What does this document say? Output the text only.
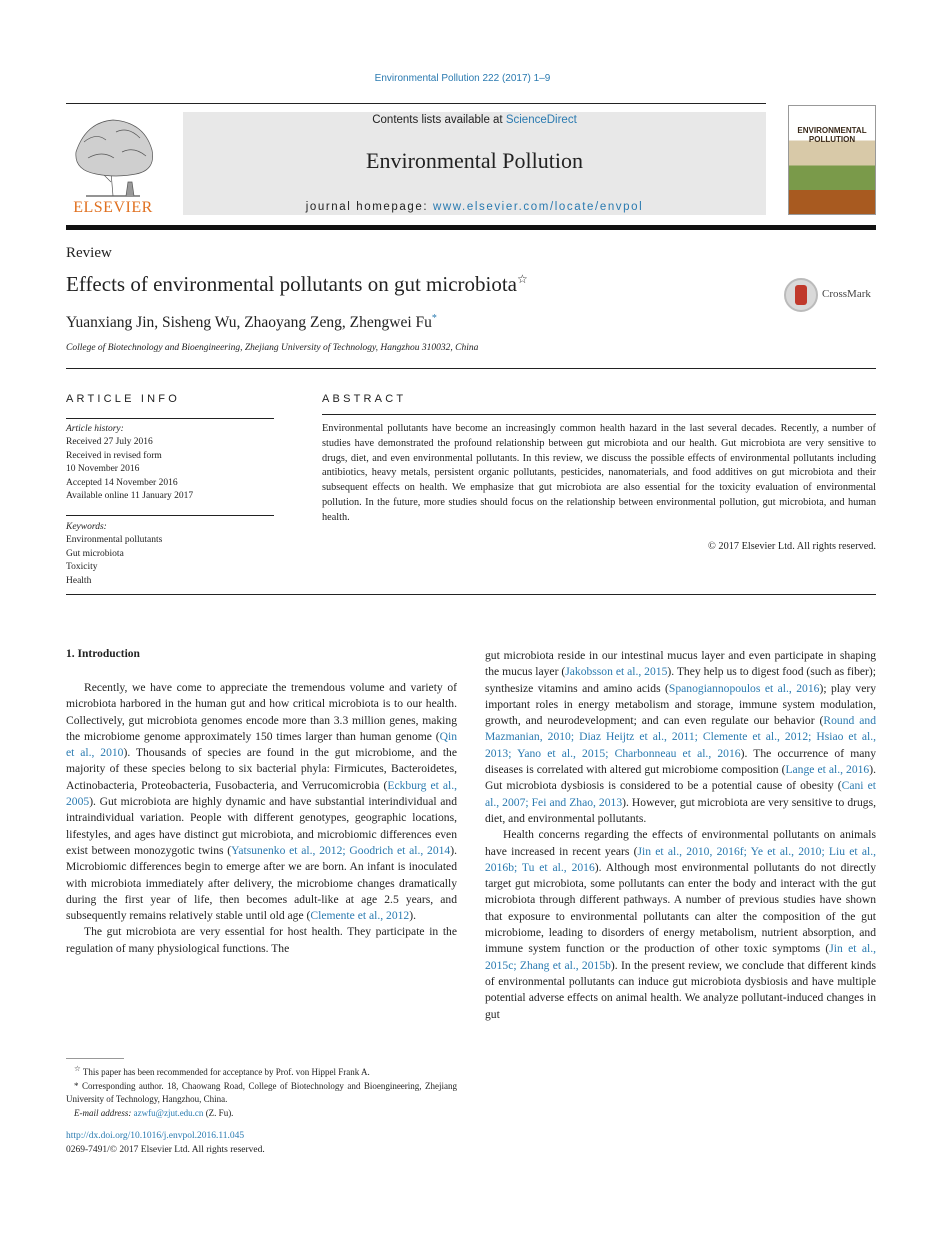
Environmental Pollution 222 (2017) 1–9
ELSEVIER
Contents lists available at ScienceDirect
Environmental Pollution
journal homepage: www.elsevier.com/locate/envpol
ENVIRONMENTAL
POLLUTION
Review
Effects of environmental pollutants on gut microbiota☆
CrossMark
Yuanxiang Jin, Sisheng Wu, Zhaoyang Zeng, Zhengwei Fu*
College of Biotechnology and Bioengineering, Zhejiang University of Technology, Hangzhou 310032, China
ARTICLE INFO
Article history:
Received 27 July 2016
Received in revised form
10 November 2016
Accepted 14 November 2016
Available online 11 January 2017
Keywords:
Environmental pollutants
Gut microbiota
Toxicity
Health
ABSTRACT
Environmental pollutants have become an increasingly common health hazard in the last several decades. Recently, a number of studies have demonstrated the profound relationship between gut microbiota and our health. Gut microbiota are very sensitive to drugs, diet, and even environmental pollutants. In this review, we discuss the possible effects of environmental pollutants including antibiotics, heavy metals, persistent organic pollutants, pesticides, nanomaterials, and food additives on gut microbiota and their subsequent effects on health. We emphasize that gut microbiota are also essential for the toxicity evaluation of environmental pollution. In the future, more studies should focus on the relationship between environmental pollution, gut microbiota, and human health.
© 2017 Elsevier Ltd. All rights reserved.
1. Introduction

Recently, we have come to appreciate the tremendous volume and variety of microbiota harbored in the human gut and how critical microbiota is to our health. Collectively, gut microbiota genomes encode more than 3.3 million genes, making the microbiome genome approximately 150 times larger than human genome (Qin et al., 2010). Thousands of species are found in the gut microbiome, and the majority of these species belong to six bacterial phyla: Firmicutes, Bacteroidetes, Actinobacteria, Proteobacteria, Fusobacteria, and Verrucomicrobia (Eckburg et al., 2005). Gut microbiota are highly dynamic and have substantial interindividual and intraindividual variation. People with different genotypes, geographic locations, lifestyles, and ages have distinct gut microbiota, and microbiomic differences even exist between monozygotic twins (Yatsunenko et al., 2012; Goodrich et al., 2014). Microbiomic differences begin to emerge after we are born. An infant is inoculated with microbiota immediately after delivery, the microbiome changes dramatically during the first year of life, then becomes adult-like at age 2.5 years, and subsequently remains relatively stable until old age (Clemente et al., 2012).

The gut microbiota are very essential for host health. They participate in the regulation of many physiological functions. The

gut microbiota reside in our intestinal mucus layer and even participate in shaping the mucus layer (Jakobsson et al., 2015). They help us to digest food (such as fiber); synthesize vitamins and amino acids (Spanogiannopoulos et al., 2016); play very important roles in energy metabolism and storage, immune system modulation, growth, and neurodevelopment; and can even regulate our behavior (Round and Mazmanian, 2010; Diaz Heijtz et al., 2011; Clemente et al., 2012; Hsiao et al., 2013; Yano et al., 2015; Charbonneau et al., 2016). The occurrence of many diseases is correlated with altered gut microbiome composition (Lange et al., 2016). Gut microbiota dysbiosis is considered to be a potential cause of obesity (Cani et al., 2007; Fei and Zhao, 2013). However, gut microbiota are very sensitive to drugs, diet, and environmental pollutants.

Health concerns regarding the effects of environmental pollutants on animals have increased in recent years (Jin et al., 2010, 2016f; Ye et al., 2010; Liu et al., 2016b; Tu et al., 2016). Although most environmental pollutants do not directly target gut microbiota, some pollutants can enter the body and interact with the gut microbiota through different pathways. A number of previous studies have shown that exposure to environmental pollutants can alter the composition of the gut microbiome, leading to disorders of energy metabolism, nutrient absorption, and immune system function or the production of other toxic symptoms (Jin et al., 2015c; Zhang et al., 2015b). In the present review, we conclude that different kinds of environmental pollutants can induce gut microbiota dysbiosis and have multiple potential adverse effects on animal health. We analyze pollutant-induced changes in gut

☆ This paper has been recommended for acceptance by Prof. von Hippel Frank A.
* Corresponding author. 18, Chaowang Road, College of Biotechnology and Bioengineering, Zhejiang University of Technology, Hangzhou, China.
E-mail address: azwfu@zjut.edu.cn (Z. Fu).
http://dx.doi.org/10.1016/j.envpol.2016.11.045
0269-7491/© 2017 Elsevier Ltd. All rights reserved.
